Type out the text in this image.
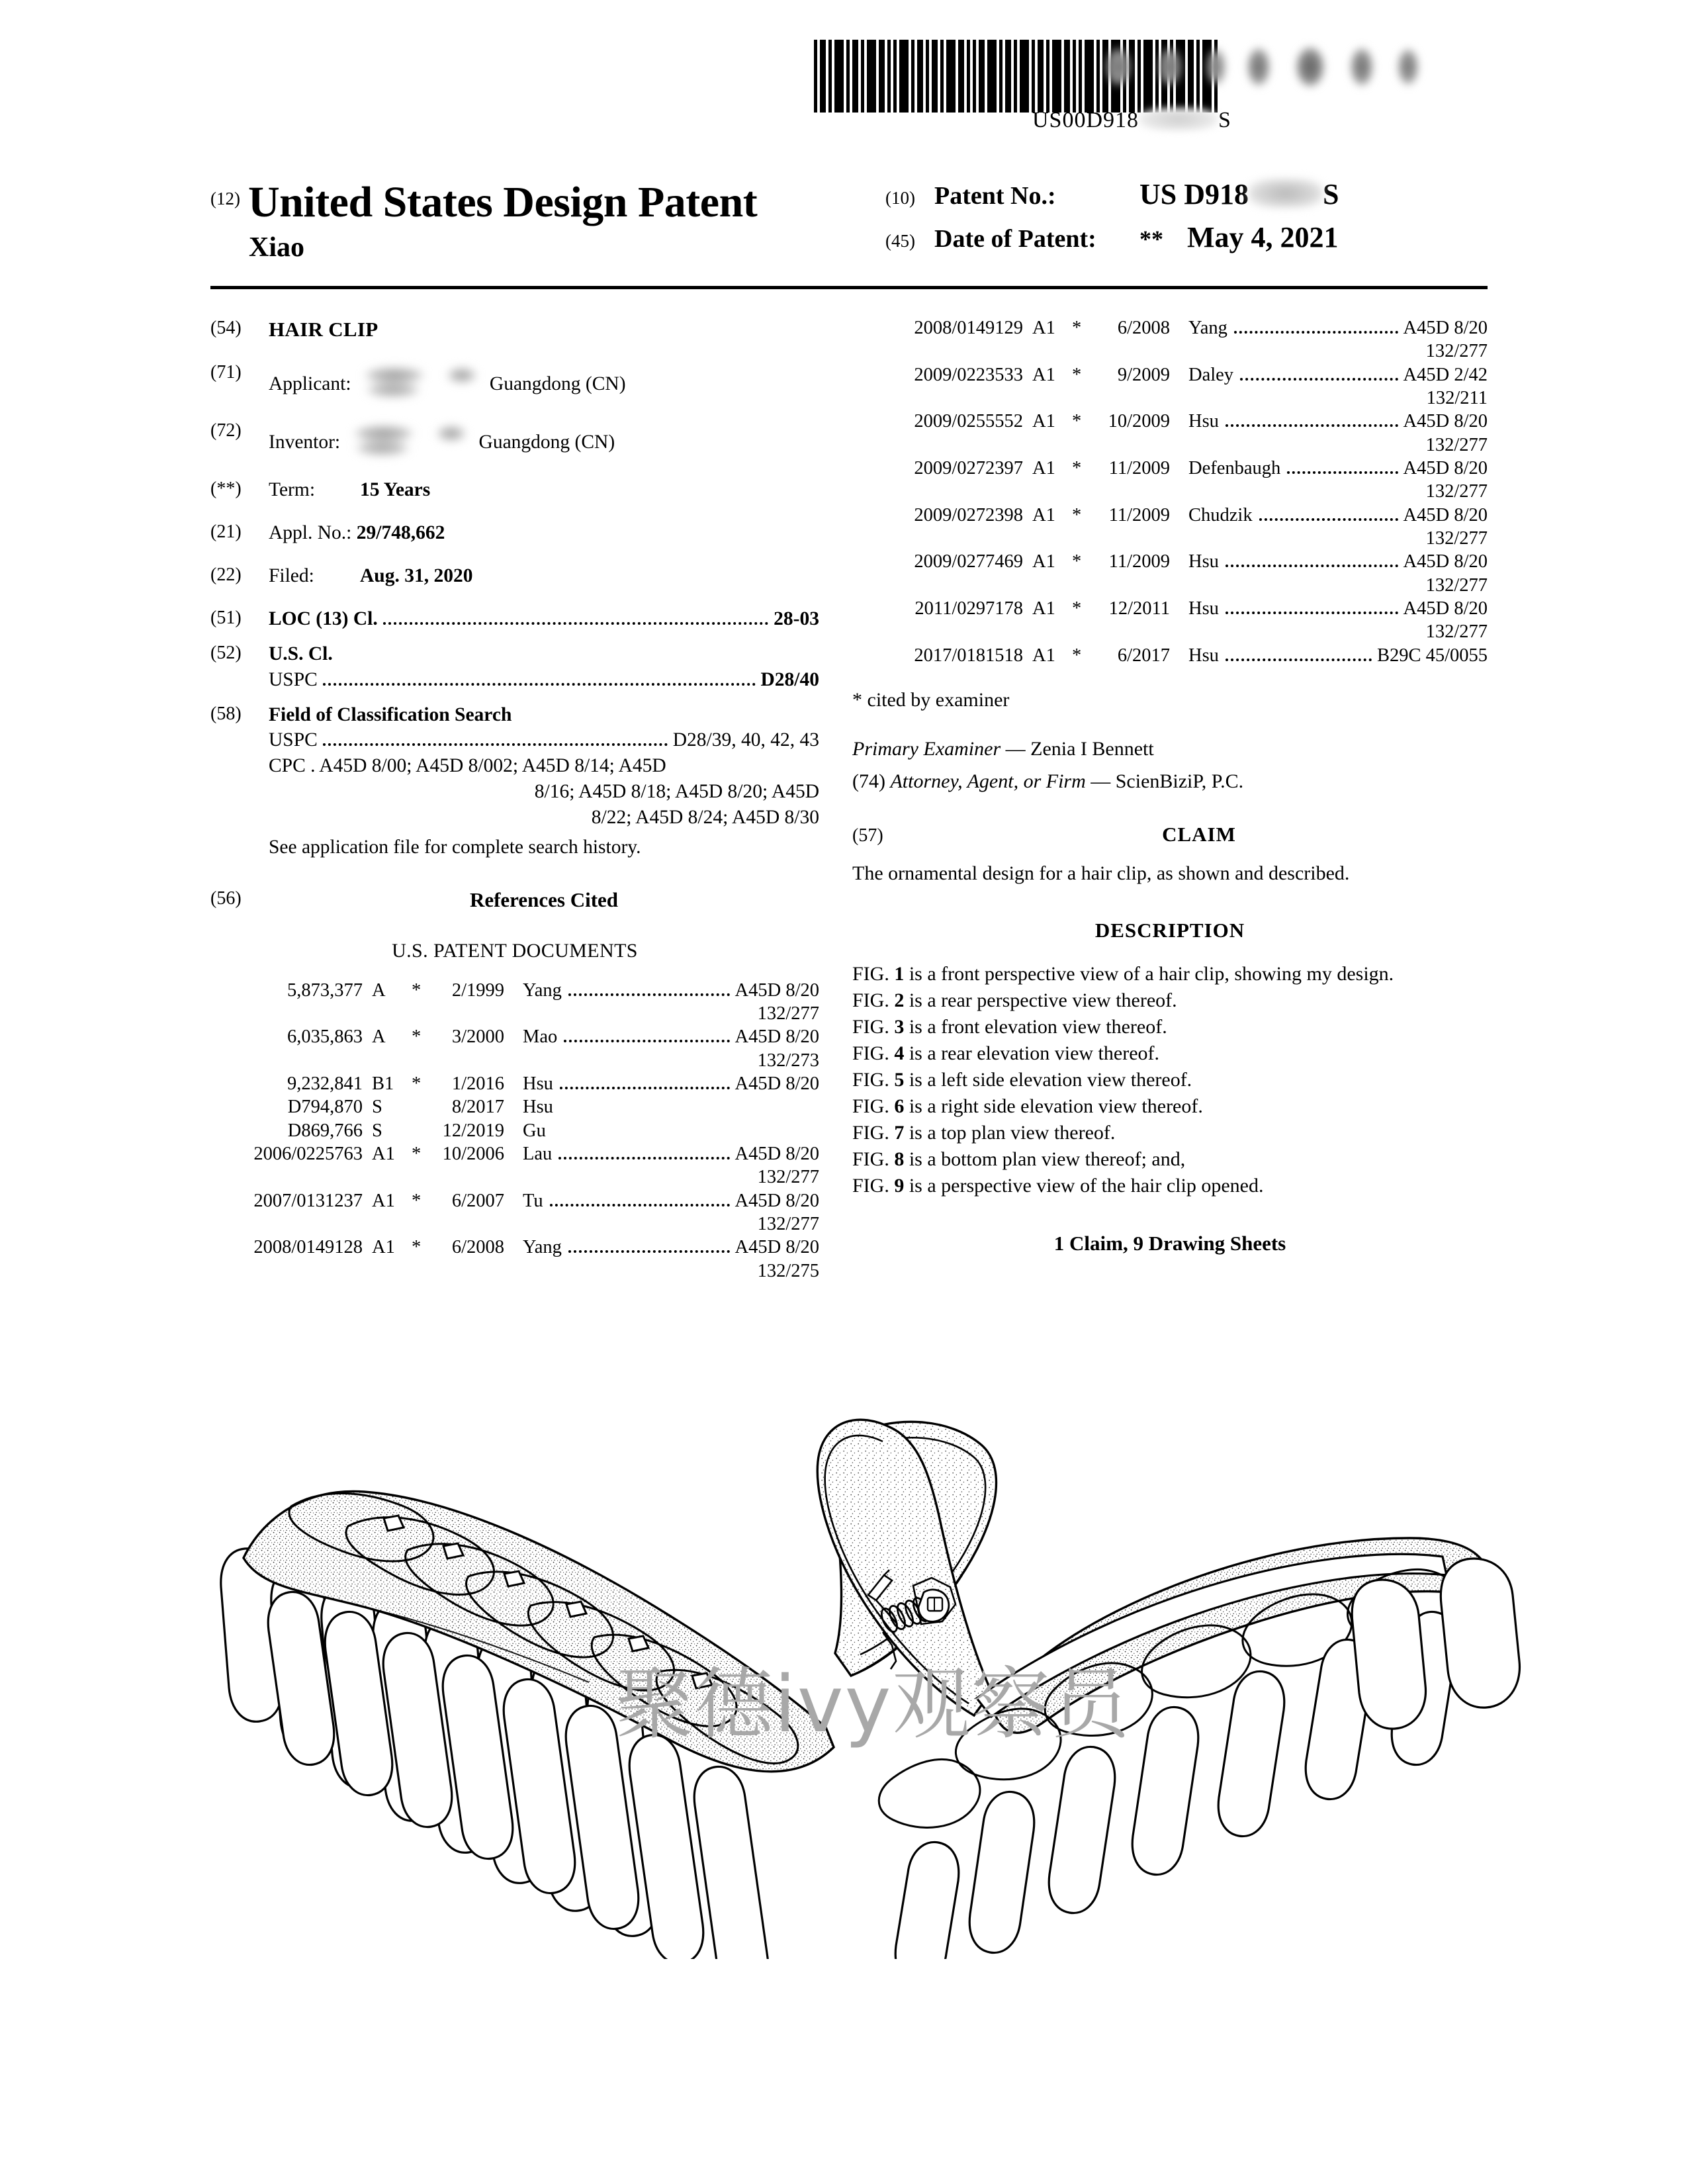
US00D918	S
(12) United States Design Patent
Xiao
(10) Patent No.:	US D918	S
(45) Date of Patent:	** May 4, 2021
(54)	HAIR CLIP
(71)
Applicant:	Guangdong (CN)
(72)
Inventor:	Guangdong (CN)
(**)	Term: 15 Years
(21)	Appl. No.: 29/748,662
(22)	Filed: Aug. 31, 2020
(51)	LOC (13) Cl.	28-03
(52)	U.S. Cl.
USPC	D28/40
(58)	Field of Classification Search
USPC	D28/39, 40, 42, 43
CPC . A45D 8/00; A45D 8/002; A45D 8/14; A45D
8/16; A45D 8/18; A45D 8/20; A45D
8/22; A45D 8/24; A45D 8/30
See application file for complete search history.
(56)	References Cited
U.S. PATENT DOCUMENTS
5,873,377 A	*	2/1999 Yang	A45D 8/20
132/277
6,035,863 A	*	3/2000 Mao	A45D 8/20
132/273
9,232,841 B1 *	1/2016 Hsu	A45D 8/20
D794,870 S	8/2017 Hsu
D869,766 S	12/2019 Gu
2006/0225763 A1 *	10/2006 Lau	A45D 8/20
132/277
2007/0131237 A1 *	6/2007 Tu	A45D 8/20
132/277
2008/0149128 A1 *	6/2008 Yang	A45D 8/20
132/275
2008/0149129 A1 *	6/2008 Yang	A45D 8/20
132/277
2009/0223533 A1 *	9/2009 Daley	A45D 2/42
132/211
2009/0255552 A1 *	10/2009 Hsu	A45D 8/20
132/277
2009/0272397 A1 *	11/2009 Defenbaugh	A45D 8/20
132/277
2009/0272398 A1 *	11/2009 Chudzik	A45D 8/20
132/277
2009/0277469 A1 *	11/2009 Hsu	A45D 8/20
132/277
2011/0297178 A1 *	12/2011 Hsu	A45D 8/20
132/277
2017/0181518 A1 *	6/2017 Hsu	B29C 45/0055
* cited by examiner
Primary Examiner — Zenia I Bennett
(74) Attorney, Agent, or Firm — ScienBiziP, P.C.
(57)	CLAIM
The ornamental design for a hair clip, as shown and described.
DESCRIPTION

FIG. 1 is a front perspective view of a hair clip, showing my design.

FIG. 2 is a rear perspective view thereof.

FIG. 3 is a front elevation view thereof.

FIG. 4 is a rear elevation view thereof.

FIG. 5 is a left side elevation view thereof.

FIG. 6 is a right side elevation view thereof.

FIG. 7 is a top plan view thereof.

FIG. 8 is a bottom plan view thereof; and,

FIG. 9 is a perspective view of the hair clip opened.

1 Claim, 9 Drawing Sheets
聚德ivy观察员
